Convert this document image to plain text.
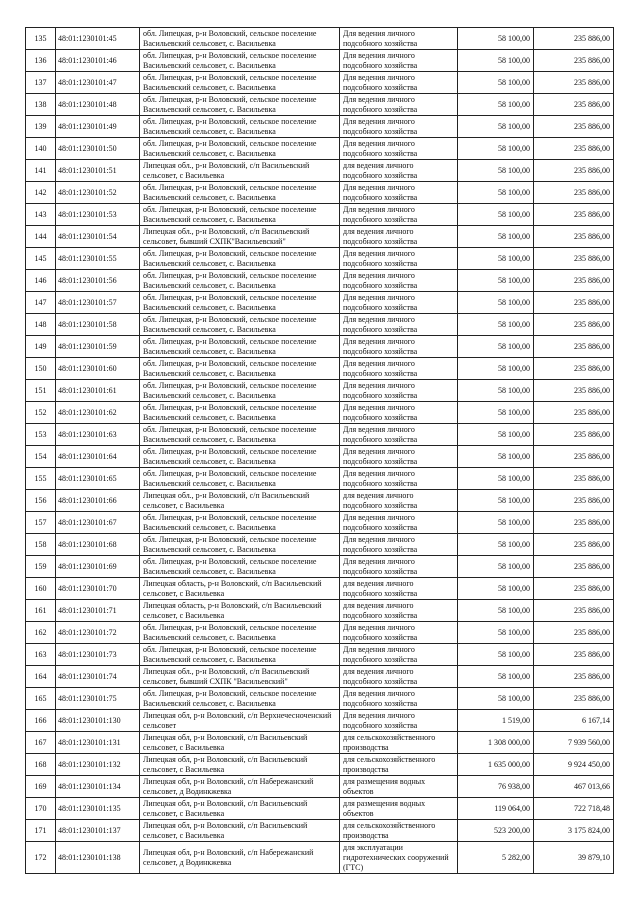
135	48:01:1230101:45	обл. Липецкая, р-н Воловский, сельское поселение Васильевский сельсовет, с. Васильевка	Для ведения личного подсобного хозяйства	58 100,00	235 886,00
136	48:01:1230101:46	обл. Липецкая, р-н Воловский, сельское поселение Васильевский сельсовет, с. Васильевка	Для ведения личного подсобного хозяйства	58 100,00	235 886,00
137	48:01:1230101:47	обл. Липецкая, р-н Воловский, сельское поселение Васильевский сельсовет, с. Васильевка	Для ведения личного подсобного хозяйства	58 100,00	235 886,00
138	48:01:1230101:48	обл. Липецкая, р-н Воловский, сельское поселение Васильевский сельсовет, с. Васильевка	Для ведения личного подсобного хозяйства	58 100,00	235 886,00
139	48:01:1230101:49	обл. Липецкая, р-н Воловский, сельское поселение Васильевский сельсовет, с. Васильевка	Для ведения личного подсобного хозяйства	58 100,00	235 886,00
140	48:01:1230101:50	обл. Липецкая, р-н Воловский, сельское поселение Васильевский сельсовет, с. Васильевка	Для ведения личного подсобного хозяйства	58 100,00	235 886,00
141	48:01:1230101:51	Липецкая обл., р-н Воловский, с/п Васильевский сельсовет, с Васильевка	для ведения личного подсобного хозяйства	58 100,00	235 886,00
142	48:01:1230101:52	обл. Липецкая, р-н Воловский, сельское поселение Васильевский сельсовет, с. Васильевка	Для ведения личного подсобного хозяйства	58 100,00	235 886,00
143	48:01:1230101:53	обл. Липецкая, р-н Воловский, сельское поселение Васильевский сельсовет, с. Васильевка	Для ведения личного подсобного хозяйства	58 100,00	235 886,00
144	48:01:1230101:54	Липецкая обл., р-н Воловский, с/п Васильевский сельсовет, бывший СХПК"Васильевский"	для ведения личного подсобного хозяйства	58 100,00	235 886,00
145	48:01:1230101:55	обл. Липецкая, р-н Воловский, сельское поселение Васильевский сельсовет, с. Васильевка	Для ведения личного подсобного хозяйства	58 100,00	235 886,00
146	48:01:1230101:56	обл. Липецкая, р-н Воловский, сельское поселение Васильевский сельсовет, с. Васильевка	Для ведения личного подсобного хозяйства	58 100,00	235 886,00
147	48:01:1230101:57	обл. Липецкая, р-н Воловский, сельское поселение Васильевский сельсовет, с. Васильевка	Для ведения личного подсобного хозяйства	58 100,00	235 886,00
148	48:01:1230101:58	обл. Липецкая, р-н Воловский, сельское поселение Васильевский сельсовет, с. Васильевка	Для ведения личного подсобного хозяйства	58 100,00	235 886,00
149	48:01:1230101:59	обл. Липецкая, р-н Воловский, сельское поселение Васильевский сельсовет, с. Васильевка	Для ведения личного подсобного хозяйства	58 100,00	235 886,00
150	48:01:1230101:60	обл. Липецкая, р-н Воловский, сельское поселение Васильевский сельсовет, с. Васильевка	Для ведения личного подсобного хозяйства	58 100,00	235 886,00
151	48:01:1230101:61	обл. Липецкая, р-н Воловский, сельское поселение Васильевский сельсовет, с. Васильевка	Для ведения личного подсобного хозяйства	58 100,00	235 886,00
152	48:01:1230101:62	обл. Липецкая, р-н Воловский, сельское поселение Васильевский сельсовет, с. Васильевка	Для ведения личного подсобного хозяйства	58 100,00	235 886,00
153	48:01:1230101:63	обл. Липецкая, р-н Воловский, сельское поселение Васильевский сельсовет, с. Васильевка	Для ведения личного подсобного хозяйства	58 100,00	235 886,00
154	48:01:1230101:64	обл. Липецкая, р-н Воловский, сельское поселение Васильевский сельсовет, с. Васильевка	Для ведения личного подсобного хозяйства	58 100,00	235 886,00
155	48:01:1230101:65	обл. Липецкая, р-н Воловский, сельское поселение Васильевский сельсовет, с. Васильевка	Для ведения личного подсобного хозяйства	58 100,00	235 886,00
156	48:01:1230101:66	Липецкая обл., р-н Воловский, с/п Васильевский сельсовет, с Васильевка	для ведения личного подсобного хозяйства	58 100,00	235 886,00
157	48:01:1230101:67	обл. Липецкая, р-н Воловский, сельское поселение Васильевский сельсовет, с. Васильевка	Для ведения личного подсобного хозяйства	58 100,00	235 886,00
158	48:01:1230101:68	обл. Липецкая, р-н Воловский, сельское поселение Васильевский сельсовет, с. Васильевка	Для ведения личного подсобного хозяйства	58 100,00	235 886,00
159	48:01:1230101:69	обл. Липецкая, р-н Воловский, сельское поселение Васильевский сельсовет, с. Васильевка	Для ведения личного подсобного хозяйства	58 100,00	235 886,00
160	48:01:1230101:70	Липецкая область, р-н Воловский, с/п Васильевский сельсовет, с Васильевка	для ведения личного подсобного хозяйства	58 100,00	235 886,00
161	48:01:1230101:71	Липецкая область, р-н Воловский, с/п Васильевский сельсовет, с Васильевка	для ведения личного подсобного хозяйства	58 100,00	235 886,00
162	48:01:1230101:72	обл. Липецкая, р-н Воловский, сельское поселение Васильевский сельсовет, с. Васильевка	Для ведения личного подсобного хозяйства	58 100,00	235 886,00
163	48:01:1230101:73	обл. Липецкая, р-н Воловский, сельское поселение Васильевский сельсовет, с. Васильевка	Для ведения личного подсобного хозяйства	58 100,00	235 886,00
164	48:01:1230101:74	Липецкая обл., р-н Воловский, с/п Васильевский сельсовет, бывший СХПК "Васильевский"	для ведения личного подсобного хозяйства	58 100,00	235 886,00
165	48:01:1230101:75	обл. Липецкая, р-н Воловский, сельское поселение Васильевский сельсовет, с. Васильевка	Для ведения личного подсобного хозяйства	58 100,00	235 886,00
166	48:01:1230101:130	Липецкая обл, р-н Воловский, с/п Верхнечесноченский сельсовет	Для ведения личного подсобного хозяйства	1 519,00	6 167,14
167	48:01:1230101:131	Липецкая обл, р-н Воловский, с/п Васильевский сельсовет, с Васильевка	для сельскохозяйственного производства	1 308 000,00	7 939 560,00
168	48:01:1230101:132	Липецкая обл, р-н Воловский, с/п Васильевский сельсовет, с Васильевка	для сельскохозяйственного производства	1 635 000,00	9 924 450,00
169	48:01:1230101:134	Липецкая обл, р-н Воловский, с/п Набережанский сельсовет, д Водинкжевка	для размещения водных объектов	76 938,00	467 013,66
170	48:01:1230101:135	Липецкая обл, р-н Воловский, с/п Васильевский сельсовет, с Васильевка	для размещения водных объектов	119 064,00	722 718,48
171	48:01:1230101:137	Липецкая обл, р-н Воловский, с/п Васильевский сельсовет, с Васильевка	для сельскохозяйственного производства	523 200,00	3 175 824,00
172	48:01:1230101:138	Липецкая обл, р-н Воловский, с/п Набережанский сельсовет, д Водинкжевка	для эксплуатации гидротехнических сооружений (ГТС)	5 282,00	39 879,10
